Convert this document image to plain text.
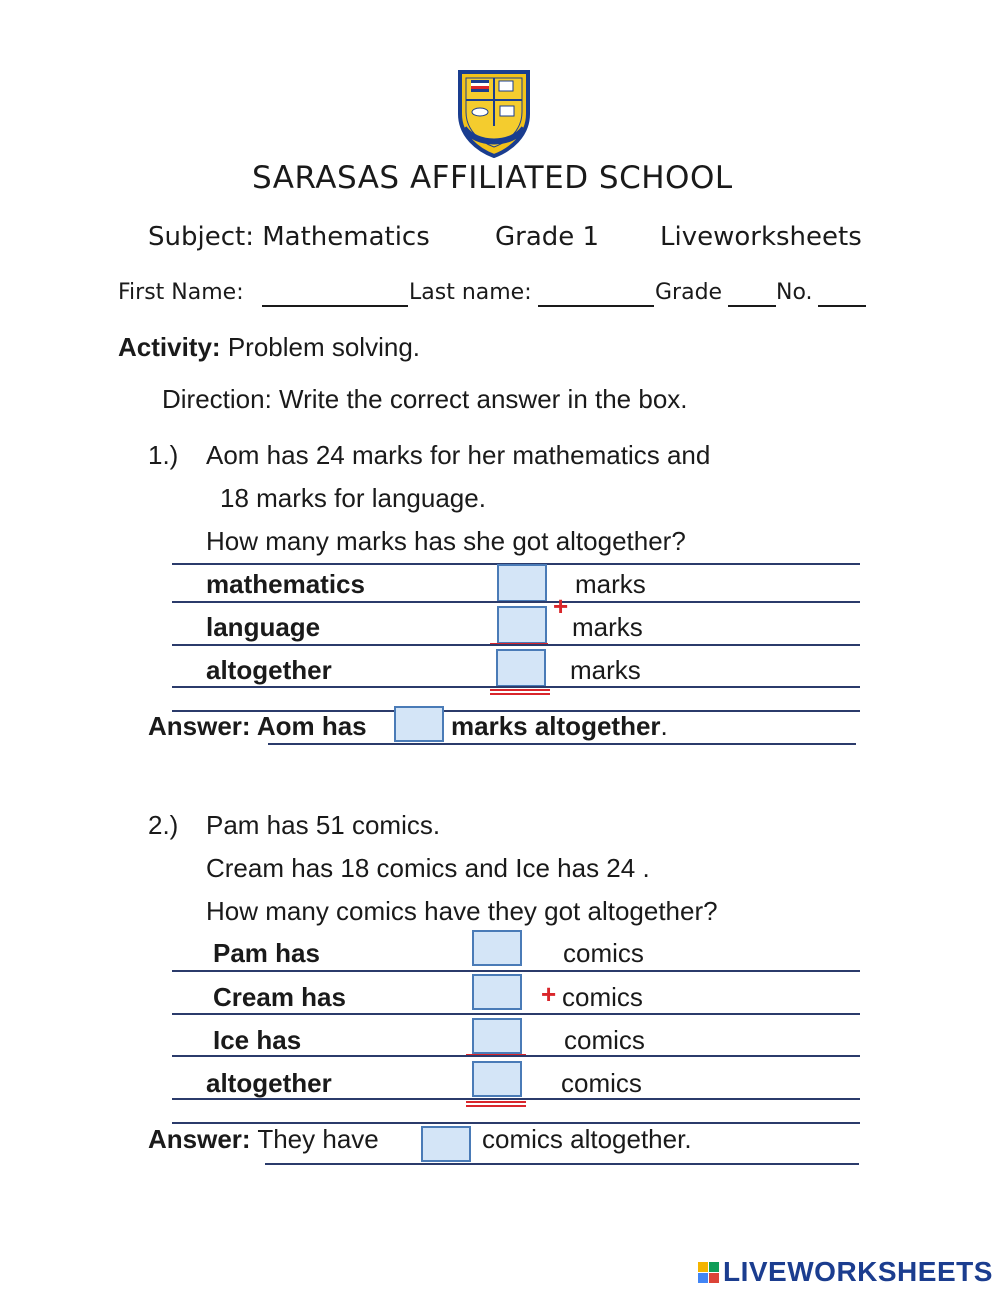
SARASAS AFFILIATED SCHOOL
Subject: Mathematics	Grade 1 Liveworksheets
First Name:	Last name:	Grade No.
Activity: Problem solving.
Direction: Write the correct answer in the box.
1.) Aom has 24 marks for her mathematics and
18 marks for language.
How many marks has she got altogether?
mathematics	marks
+
language	marks
altogether	marks
Answer: Aom has	marks altogether.
2.) Pam has 51 comics.
Cream has 18 comics and Ice has 24 .
How many comics have they got altogether?
Pam has	comics
Cream has	+ comics
Ice has	comics
altogether	comics
Answer: They have	comics altogether.
LIVEWORKSHEETS
